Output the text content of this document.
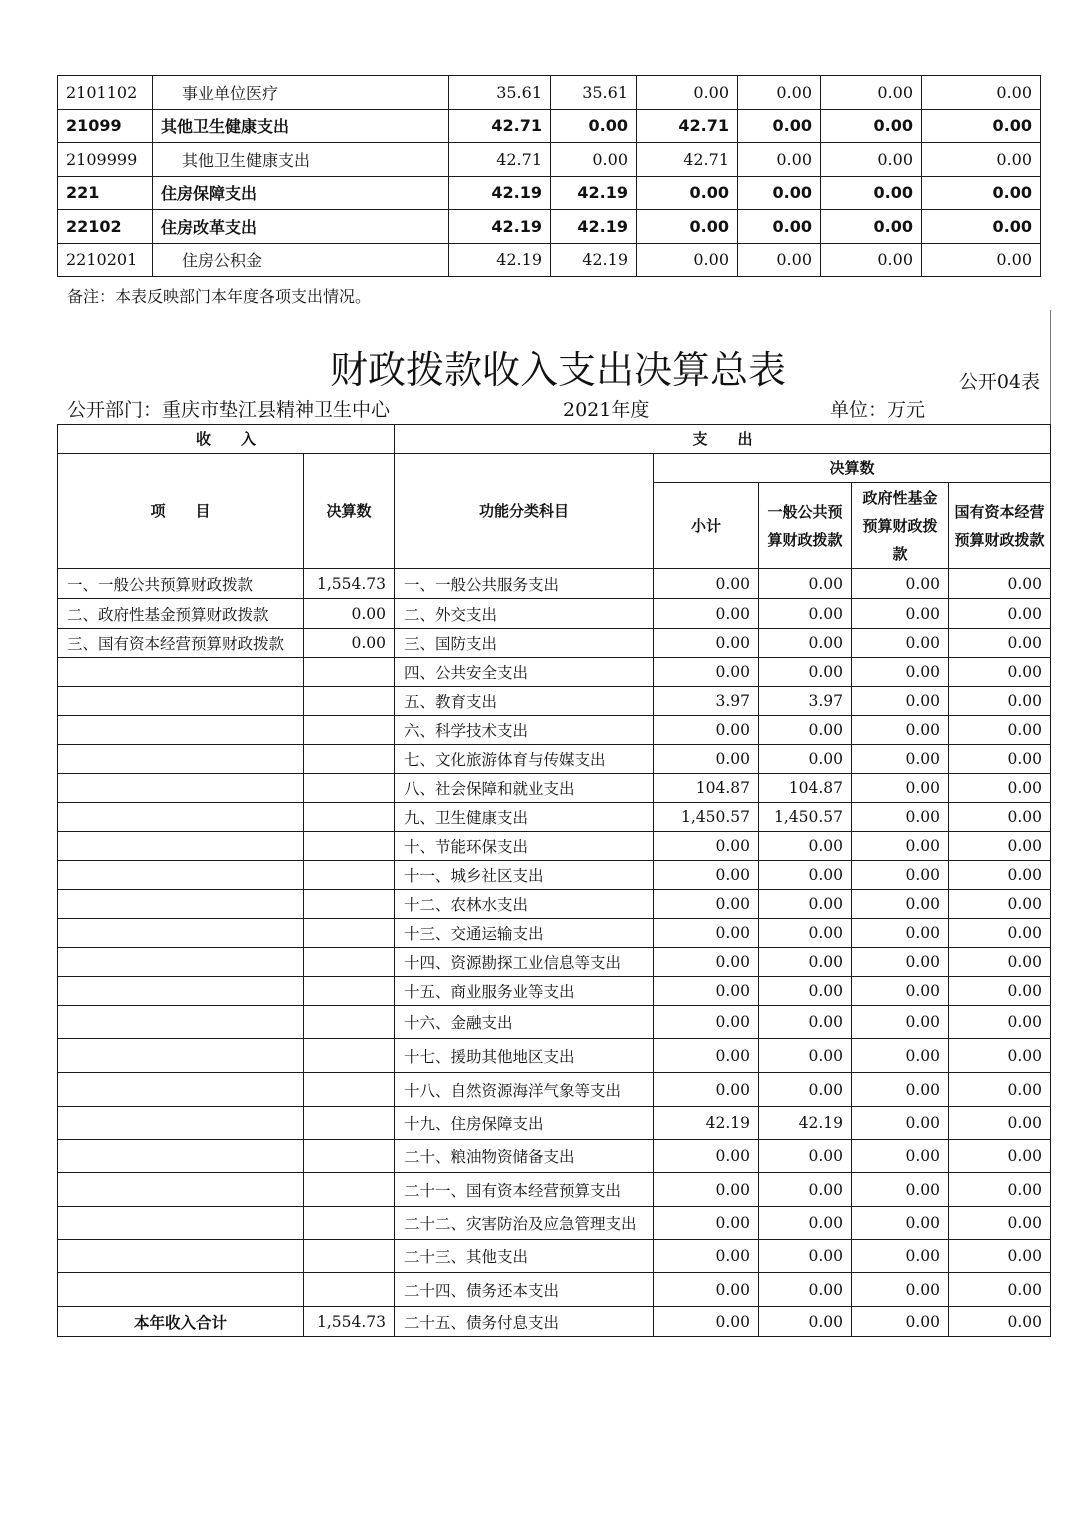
2101102	事业单位医疗	35.61	35.61	0.00	0.00	0.00	0.00
21099	其他卫生健康支出	42.71	0.00	42.71	0.00	0.00	0.00
2109999	其他卫生健康支出	42.71	0.00	42.71	0.00	0.00	0.00
221	住房保障支出	42.19	42.19	0.00	0.00	0.00	0.00
22102	住房改革支出	42.19	42.19	0.00	0.00	0.00	0.00
2210201	住房公积金	42.19	42.19	0.00	0.00	0.00	0.00
备注：本表反映部门本年度各项支出情况。
财政拨款收入支出决算总表	公开04表
公开部门：重庆市垫江县精神卫生中心	2021年度	单位：万元
收　　入		支　　出				
项　　目	决算数	功能分类科目	决算数			
			小计	一般公共预算财政拨款	政府性基金预算财政拨款	国有资本经营预算财政拨款
一、一般公共预算财政拨款	1,554.73	一、一般公共服务支出	0.00	0.00	0.00	0.00
二、政府性基金预算财政拨款	0.00	二、外交支出	0.00	0.00	0.00	0.00
三、国有资本经营预算财政拨款	0.00	三、国防支出	0.00	0.00	0.00	0.00
		四、公共安全支出	0.00	0.00	0.00	0.00
		五、教育支出	3.97	3.97	0.00	0.00
		六、科学技术支出	0.00	0.00	0.00	0.00
		七、文化旅游体育与传媒支出	0.00	0.00	0.00	0.00
		八、社会保障和就业支出	104.87	104.87	0.00	0.00
		九、卫生健康支出	1,450.57	1,450.57	0.00	0.00
		十、节能环保支出	0.00	0.00	0.00	0.00
		十一、城乡社区支出	0.00	0.00	0.00	0.00
		十二、农林水支出	0.00	0.00	0.00	0.00
		十三、交通运输支出	0.00	0.00	0.00	0.00
		十四、资源勘探工业信息等支出	0.00	0.00	0.00	0.00
		十五、商业服务业等支出	0.00	0.00	0.00	0.00
		十六、金融支出	0.00	0.00	0.00	0.00
		十七、援助其他地区支出	0.00	0.00	0.00	0.00
		十八、自然资源海洋气象等支出	0.00	0.00	0.00	0.00
		十九、住房保障支出	42.19	42.19	0.00	0.00
		二十、粮油物资储备支出	0.00	0.00	0.00	0.00
		二十一、国有资本经营预算支出	0.00	0.00	0.00	0.00
		二十二、灾害防治及应急管理支出	0.00	0.00	0.00	0.00
		二十三、其他支出	0.00	0.00	0.00	0.00
		二十四、债务还本支出	0.00	0.00	0.00	0.00
本年收入合计	1,554.73	二十五、债务付息支出	0.00	0.00	0.00	0.00
